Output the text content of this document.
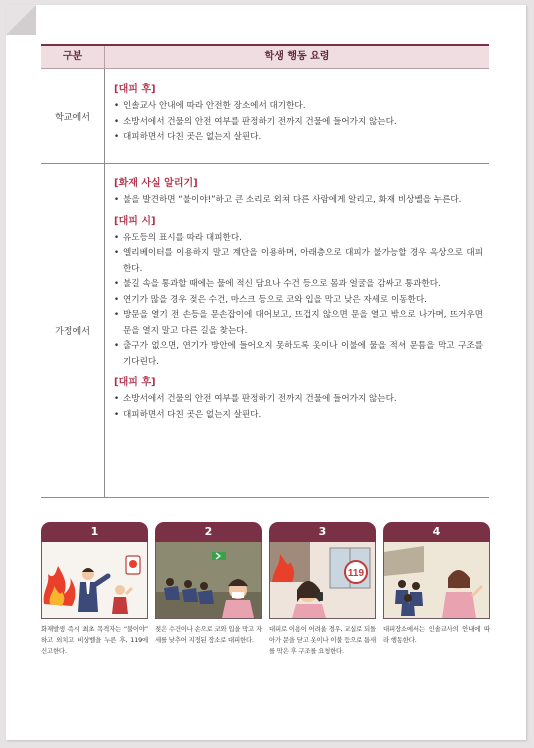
구분	학생 행동 요령
학교에서

[대피 후]

• 인솔교사 안내에 따라 안전한 장소에서 대기한다.
• 소방서에서 건물의 안전 여부를 판정하기 전까지 건물에 들어가지 않는다.
• 대피하면서 다친 곳은 없는지 살핀다.
가정에서

[화재 사실 알리기]

• 불을 발견하면 “불이야!”하고 큰 소리로 외쳐 다른 사람에게 알리고, 화재 비상벨을 누른다.

[대피 시]

• 유도등의 표시를 따라 대피한다.
• 엘리베이터를 이용하지 말고 계단을 이용하며, 아래층으로 대피가 불가능할 경우 옥상으로 대피한다.
• 불길 속을 통과할 때에는 물에 적신 담요나 수건 등으로 몸과 얼굴을 감싸고 통과한다.
• 연기가 많을 경우 젖은 수건, 마스크 등으로 코와 입을 막고 낮은 자세로 이동한다.
• 방문을 열기 전 손등을 문손잡이에 대어보고, 뜨겁지 않으면 문을 열고 밖으로 나가며, 뜨거우면 문을 열지 말고 다른 길을 찾는다.
• 출구가 없으면, 연기가 방안에 들어오지 못하도록 옷이나 이불에 물을 적셔 문틈을 막고 구조를 기다린다.

[대피 후]

• 소방서에서 건물의 안전 여부를 판정하기 전까지 건물에 들어가지 않는다.
• 대피하면서 다친 곳은 없는지 살핀다.
1
화재발생 즉시 최초 목격자는 “불이야” 하고 외치고 비상벨을 누른 후, 119에 신고한다.
2
젖은 수건이나 손으로 코와 입을 막고 자세를 낮추어 지정된 장소로 대피한다.
3
119
대피로 이용이 어려울 경우, 교실로 되돌아가 문을 닫고 옷이나 이불 등으로 틈새를 막은 후 구조를 요청한다.
4
대피장소에서는 인솔교사의 안내에 따라 행동한다.
